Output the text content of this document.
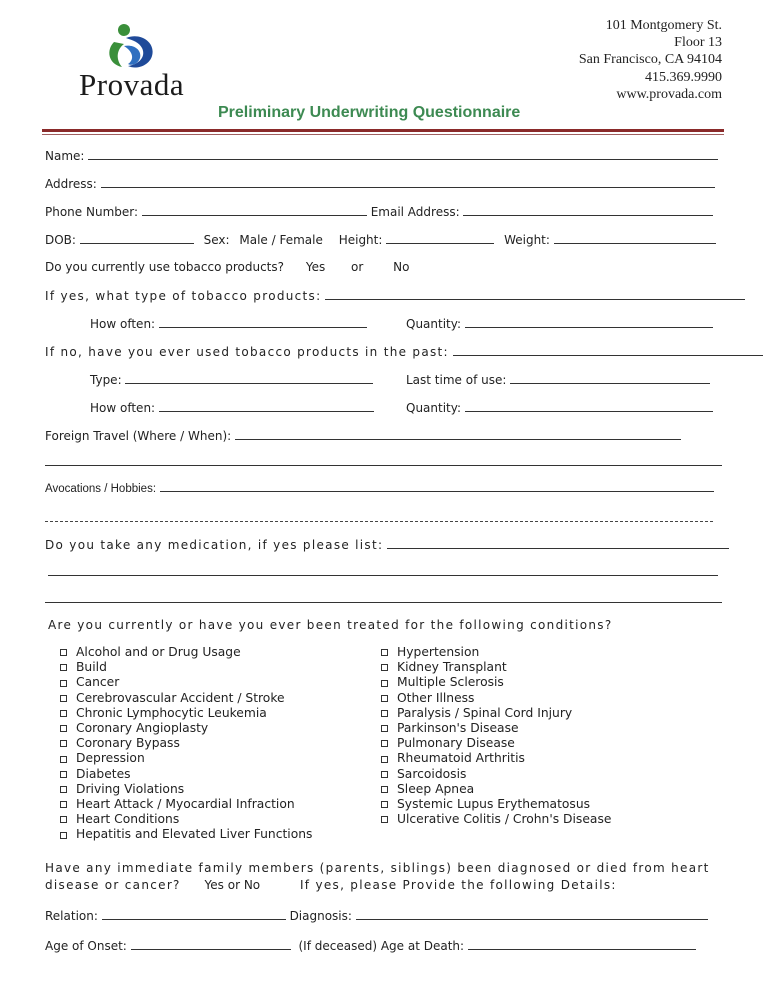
Provada
101 Montgomery St.
Floor 13
San Francisco, CA 94104
415.369.9990
www.provada.com
Preliminary Underwriting Questionnaire
Name:
Address:
Phone Number:	Email Address:
DOB:	Sex: Male / Female Height:	Weight:
Do you currently use tobacco products? Yes or No
If yes, what type of tobacco products:
How often:	Quantity:
If no, have you ever used tobacco products in the past:
Type:	Last time of use:
How often:	Quantity:
Foreign Travel (Where / When):
Avocations / Hobbies:
Do you take any medication, if yes please list:
Are you currently or have you ever been treated for the following conditions?
Alcohol and or Drug Usage
Build
Cancer
Cerebrovascular Accident / Stroke
Chronic Lymphocytic Leukemia
Coronary Angioplasty
Coronary Bypass
Depression
Diabetes
Driving Violations
Heart Attack / Myocardial Infraction
Heart Conditions
Hepatitis and Elevated Liver Functions
Hypertension
Kidney Transplant
Multiple Sclerosis
Other Illness
Paralysis / Spinal Cord Injury
Parkinson's Disease
Pulmonary Disease
Rheumatoid Arthritis
Sarcoidosis
Sleep Apnea
Systemic Lupus Erythematosus
Ulcerative Colitis / Crohn's Disease
Have any immediate family members (parents, siblings) been diagnosed or died from heart
disease or cancer? Yes or No	If yes, please Provide the following Details:
Relation:	Diagnosis:
Age of Onset:	(If deceased) Age at Death:
